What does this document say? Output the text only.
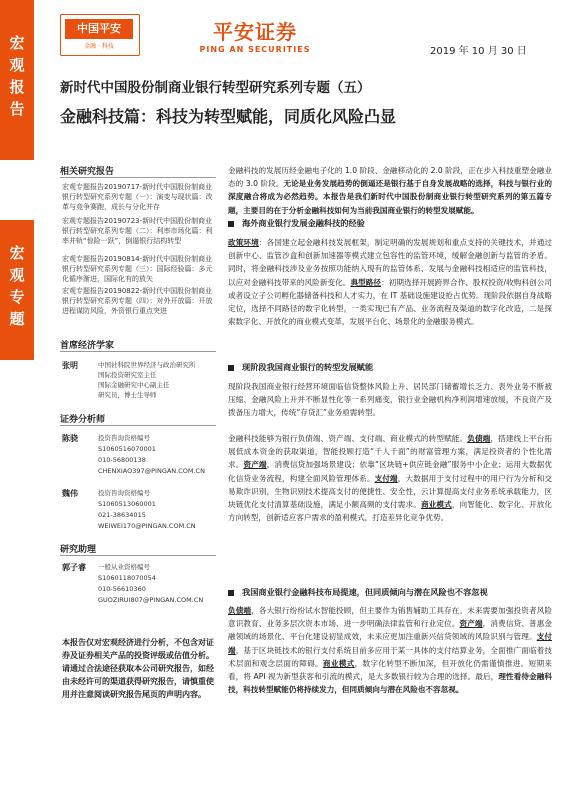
宏
观
报
告
宏
观
专
题
中国平安
金融 · 科技
平安证券
PING AN SECURITIES	2019 年 10 月 30 日
新时代中国股份制商业银行转型研究系列专题（五）
金融科技篇：科技为转型赋能，同质化风险凸显
相关研究报告
宏观专题报告20190717-新时代中国股份制商业银行转型研究系列专题（一）：演变与现状篇：改革与竞争赛跑，成长与分化并存
宏观专题报告20190723-新时代中国股份制商业银行转型研究系列专题（二）：利率市场化篇：利率并轨“惊险一跃”，倒逼银行结构转型
宏观专题报告20190814-新时代中国股份制商业银行转型研究系列专题（三）：国际经验篇：多元化循序渐进，国际化有的放矢
宏观专题报告20190822-新时代中国股份制商业银行转型研究系列专题（四）：对外开放篇：开放进程谋防风险，外资银行重点突进
首席经济学家
张明	中国社科院世界经济与政治研究所
国际投资研究室主任
国际金融研究中心副主任
研究员，博士生导师
证券分析师
陈骁	投资咨询资格编号
S1060516070001
010-56800138
CHENXIAO397@PINGAN.COM.CN
魏伟	投资咨询资格编号
S1060513060001
021-38634015
WEIWEI170@PINGAN.COM.CN
研究助理
郭子睿 一般从业资格编号
S1060118070054
010-56610360
GUOZIRUI807@PINGAN.COM.CN
本报告仅对宏观经济进行分析，不包含对证券及证券相关产品的投资评级或估值分析。请通过合法途径获取本公司研究报告，如经由未经许可的渠道获得研究报告，请慎重使用并注意阅读研究报告尾页的声明内容。
金融科技的发展历经金融电子化的 1.0 阶段、金融移动化的 2.0 阶段，正在步入科技重塑金融业态的 3.0 阶段。无论是业务发展趋势的倒逼还是银行基于自身发展战略的选择，科技与银行业的深度融合将成为必然趋势。本报告是我们新时代中国股份制商业银行转型研究系列的第五篇专题，主要目的在于分析金融科技如何为当前我国商业银行的转型发展赋能。
海外商业银行发展金融科技的经验
政策环境：各国建立起金融科技发展框架，制定明确的发展规划和重点支持的关键技术，并通过创新中心、监管沙盒和创新加速器等模式建立包容性的监管环境，缓解金融创新与监管的矛盾。同时，将金融科技涉及业务按照功能纳入现有的监管体系、发展与金融科技相适应的监管科技，以应对金融科技带来的风险新变化。典型路径：初期选择开展跨界合作、股权投资/收购科创公司或者设立子公司孵化器储备科技和人才实力，在 IT 基础设施建设抢占优势。现阶段依据自身战略定位，选择不同路径的数字化转型，一类实现已有产品、业务流程及渠道的数字化改造，二是探索数字化、开放化的商业模式变革，发展平台化、场景化的金融服务模式。
现阶段我国商业银行的转型发展赋能
现阶段我国商业银行经营环境面临信贷整体风险上升、居民部门储蓄增长乏力、表外业务不断被压缩、金融风险上升并不断显性化等一系列痛变，银行业金融机构净利润增速放缓，不良资产及拨备压力增大，传统“存贷汇”业务亟需转型。
金融科技能够为银行负债端、资产端、支付端、商业模式的转型赋能。负债端，搭建线上平台拓展低成本资金的获取渠道，智能投顾打造“千人千面”的财富管理方案，满足投资者的个性化需求。资产端，消费信贷加强场景建设；依靠“区块链+供应链金融”服务中小企业；运用大数据优化信贷业务流程，构建全面风险管理体系。支付端，大数据用于支付过程中的用户行为分析和交易欺诈识别，生物识别技术提高支付的便捷性、安全性，云计算提高支付业务系统承载能力，区块链优化支付清算基础设施，满足小额高频的支付需求。商业模式，向智能化、数字化、开放化方向转型，创新适应客户需求的盈利模式，打造差异化竞争优势。
我国商业银行金融科技布局提速，但同质倾向与潜在风险也不容忽视
负债端，各大银行纷纷试水智能投顾，但主要作为销售辅助工具存在。未来需要加强投资者风险意识教育、业务多层次资本市场、进一步明确法律监管和行业定位。资产端，消费信贷、普惠金融领域的场景化、平台化建设初显成效，未来应更加注重新兴信贷领域的风险识别与管理。支付端，基于区块链技术的银行支付系统目前多应用于某一具体的支付结算业务，全面推广面临着技术层面和观念层面的障碍。商业模式，数字化转型不断加深，但开放化仍需谨慎推进。短期来看，将 API 视为新型获客和引流的模式，是大多数银行较为合理的选择。最后，理性看待金融科技，科技转型赋能仍将持续发力，但同质倾向与潜在风险也不容忽视。
